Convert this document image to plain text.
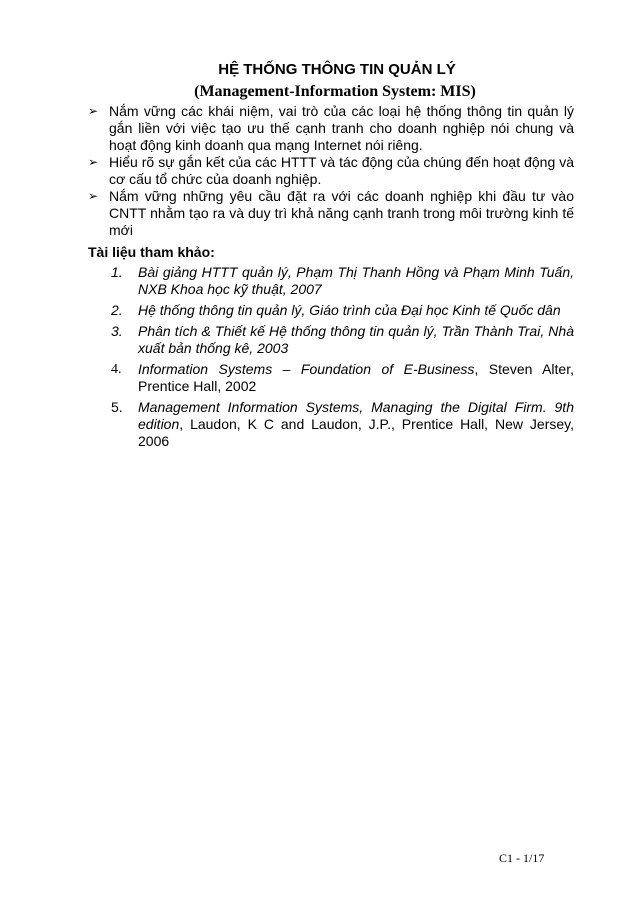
HỆ THỐNG THÔNG TIN QUẢN LÝ
(Management-Information System: MIS)
➢ Nắm vững các khái niệm, vai trò của các loại hệ thống thông tin quản lý gắn liền với việc tạo ưu thế cạnh tranh cho doanh nghiệp nói chung và hoạt động kinh doanh qua mạng Internet nói riêng.
➢ Hiểu rõ sự gắn kết của các HTTT và tác động của chúng đến hoạt động và cơ cấu tổ chức của doanh nghiệp.
➢ Nắm vững những yêu cầu đặt ra với các doanh nghiệp khi đầu tư vào CNTT nhằm tạo ra và duy trì khả năng cạnh tranh trong môi trường kinh tế mới
Tài liệu tham khảo:
1. Bài giảng HTTT quản lý, Phạm Thị Thanh Hồng và Phạm Minh Tuấn, NXB Khoa học kỹ thuật, 2007
2. Hệ thống thông tin quản lý, Giáo trình của Đại học Kinh tế Quốc dân
3. Phân tích & Thiết kế Hệ thống thông tin quản lý, Trần Thành Trai, Nhà xuất bản thống kê, 2003
4. Information Systems – Foundation of E-Business, Steven Alter, Prentice Hall, 2002
5. Management Information Systems, Managing the Digital Firm. 9th edition, Laudon, K C and Laudon, J.P., Prentice Hall, New Jersey, 2006
C1 - 1/17
